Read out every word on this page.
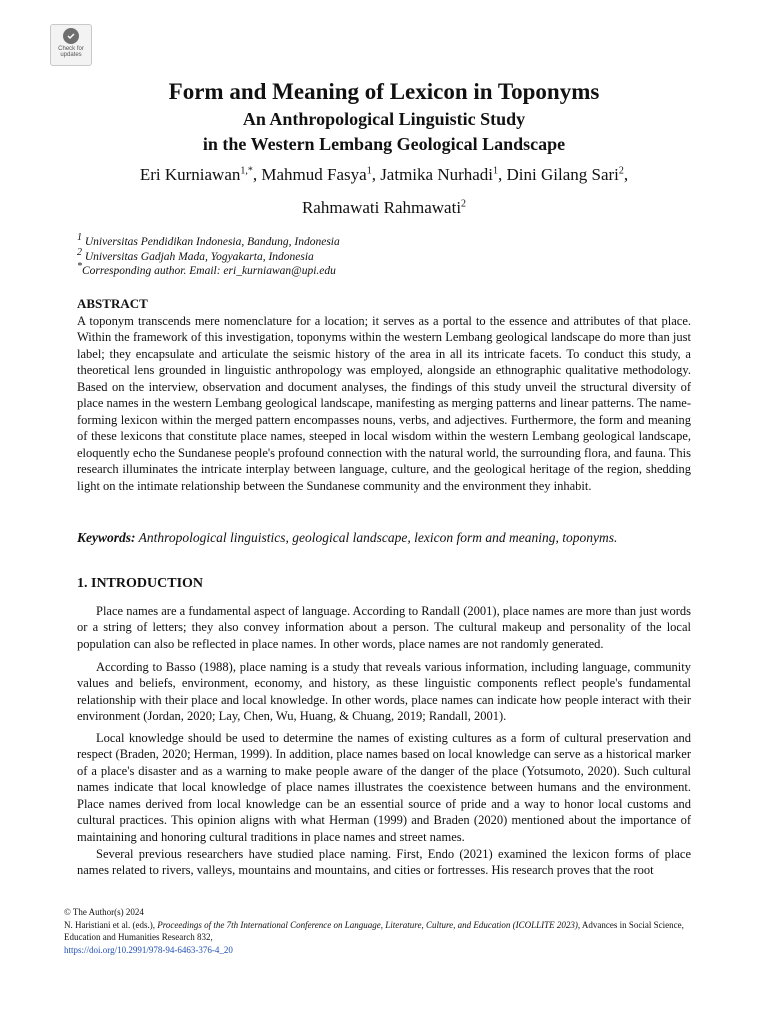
Check for updates
Form and Meaning of Lexicon in Toponyms
An Anthropological Linguistic Study
in the Western Lembang Geological Landscape
Eri Kurniawan$^{1,*}$, Mahmud Fasya$^1$, Jatmika Nurhadi$^1$, Dini Gilang Sari$^2$,
Rahmawati Rahmawati$^2$
$^1$ Universitas Pendidikan Indonesia, Bandung, Indonesia
$^2$ Universitas Gadjah Mada, Yogyakarta, Indonesia
*Corresponding author. Email: eri_kurniawan@upi.edu
ABSTRACT
A toponym transcends mere nomenclature for a location; it serves as a portal to the essence and attributes of that place. Within the framework of this investigation, toponyms within the western Lembang geological landscape do more than just label; they encapsulate and articulate the seismic history of the area in all its intricate facets. To conduct this study, a theoretical lens grounded in linguistic anthropology was employed, alongside an ethnographic qualitative methodology. Based on the interview, observation and document analyses, the findings of this study unveil the structural diversity of place names in the western Lembang geological landscape, manifesting as merging patterns and linear patterns. The name-forming lexicon within the merged pattern encompasses nouns, verbs, and adjectives. Furthermore, the form and meaning of these lexicons that constitute place names, steeped in local wisdom within the western Lembang geological landscape, eloquently echo the Sundanese people's profound connection with the natural world, the surrounding flora, and fauna. This research illuminates the intricate interplay between language, culture, and the geological heritage of the region, shedding light on the intimate relationship between the Sundanese community and the environment they inhabit.
Keywords: Anthropological linguistics, geological landscape, lexicon form and meaning, toponyms.
1. INTRODUCTION
Place names are a fundamental aspect of language. According to Randall (2001), place names are more than just words or a string of letters; they also convey information about a person. The cultural makeup and personality of the local population can also be reflected in place names. In other words, place names are not randomly generated.
According to Basso (1988), place naming is a study that reveals various information, including language, community values and beliefs, environment, economy, and history, as these linguistic components reflect people's fundamental relationship with their place and local knowledge. In other words, place names can indicate how people interact with their environment (Jordan, 2020; Lay, Chen, Wu, Huang, & Chuang, 2019; Randall, 2001).
Local knowledge should be used to determine the names of existing cultures as a form of cultural preservation and respect (Braden, 2020; Herman, 1999). In addition, place names based on local knowledge can serve as a historical marker of a place's disaster and as a warning to make people aware of the danger of the place (Yotsumoto, 2020). Such cultural names indicate that local knowledge of place names illustrates the coexistence between humans and the environment. Place names derived from local knowledge can be an essential source of pride and a way to honor local customs and cultural practices. This opinion aligns with what Herman (1999) and Braden (2020) mentioned about the importance of maintaining and honoring cultural traditions in place names and street names.
Several previous researchers have studied place naming. First, Endo (2021) examined the lexicon forms of place names related to rivers, valleys, mountains and mountains, and cities or fortresses. His research proves that the root
© The Author(s) 2024
N. Haristiani et al. (eds.), Proceedings of the 7th International Conference on Language, Literature, Culture, and Education (ICOLLITE 2023), Advances in Social Science, Education and Humanities Research 832,
https://doi.org/10.2991/978-94-6463-376-4_20
